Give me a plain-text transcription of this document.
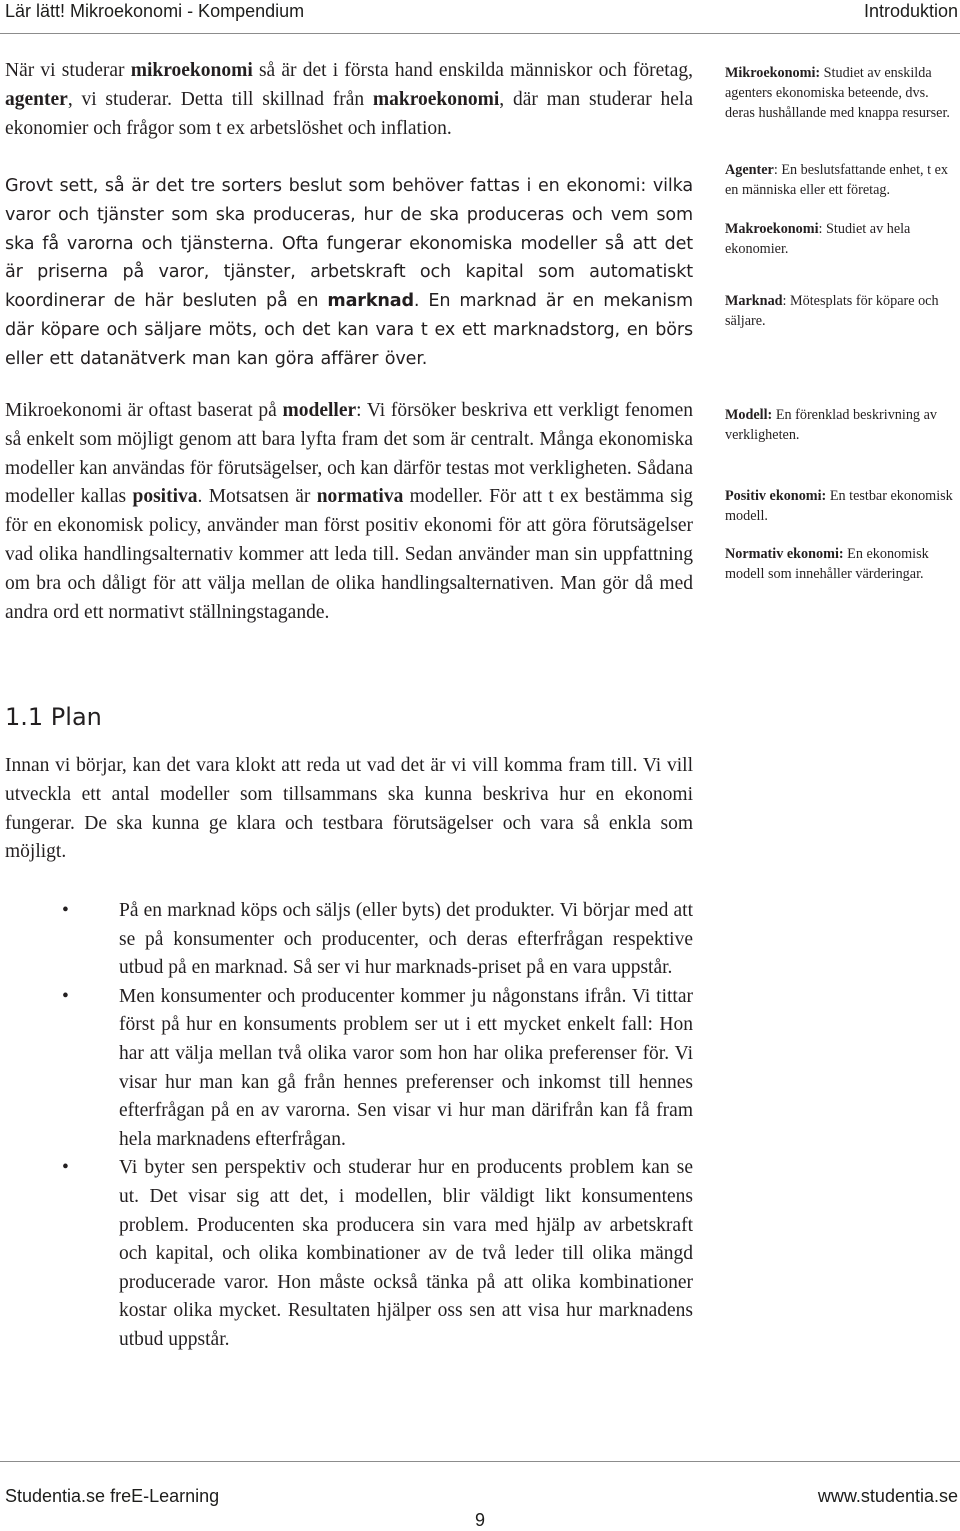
Lär lätt! Mikroekonomi - Kompendium	Introduktion

När vi studerar mikroekonomi så är det i första hand enskilda människor och företag, agenter, vi studerar. Detta till skillnad från makroekonomi, där man studerar hela ekonomier och frågor som t ex arbetslöshet och inflation.

Grovt sett, så är det tre sorters beslut som behöver fattas i en ekonomi: vilka varor och tjänster som ska produceras, hur de ska produceras och vem som ska få varorna och tjänsterna. Ofta fungerar ekonomiska modeller så att det är priserna på varor, tjänster, arbetskraft och kapital som automatiskt koordinerar de här besluten på en marknad. En marknad är en mekanism där köpare och säljare möts, och det kan vara t ex ett marknadstorg, en börs eller ett datanätverk man kan göra affärer över.

Mikroekonomi är oftast baserat på modeller: Vi försöker beskriva ett verkligt fenomen så enkelt som möjligt genom att bara lyfta fram det som är centralt. Många ekonomiska modeller kan användas för förutsägelser, och kan därför testas mot verkligheten. Sådana modeller kallas positiva. Motsatsen är normativa modeller. För att t ex bestämma sig för en ekonomisk policy, använder man först positiv ekonomi för att göra förutsägelser vad olika handlingsalternativ kommer att leda till. Sedan använder man sin uppfattning om bra och dåligt för att välja mellan de olika handlingsalternativen. Man gör då med andra ord ett normativt ställningstagande.

Mikroekonomi: Studiet av enskilda agenters ekonomiska beteende, dvs. deras hushållande med knappa resurser.

Agenter: En beslutsfattande enhet, t ex en människa eller ett företag.

Makroekonomi: Studiet av hela ekonomier.

Marknad: Mötesplats för köpare och säljare.

Modell: En förenklad beskrivning av verkligheten.

Positiv ekonomi: En testbar ekonomisk modell.

Normativ ekonomi: En ekonomisk modell som innehåller värderingar.

1.1 Plan

Innan vi börjar, kan det vara klokt att reda ut vad det är vi vill komma fram till. Vi vill utveckla ett antal modeller som tillsammans ska kunna beskriva hur en ekonomi fungerar. De ska kunna ge klara och testbara förutsägelser och vara så enkla som möjligt.

•	På en marknad köps och säljs (eller byts) det produkter. Vi börjar med att se på konsumenter och producenter, och deras efterfrågan respektive utbud på en marknad. Så ser vi hur marknads-priset på en vara uppstår.
•	Men konsumenter och producenter kommer ju någonstans ifrån. Vi tittar först på hur en konsuments problem ser ut i ett mycket enkelt fall: Hon har att välja mellan två olika varor som hon har olika preferenser för. Vi visar hur man kan gå från hennes preferenser och inkomst till hennes efterfrågan på en av varorna. Sen visar vi hur man därifrån kan få fram hela marknadens efterfrågan.
•	Vi byter sen perspektiv och studerar hur en producents problem kan se ut. Det visar sig att det, i modellen, blir väldigt likt konsumentens problem. Producenten ska producera sin vara med hjälp av arbetskraft och kapital, och olika kombinationer av de två leder till olika mängd producerade varor. Hon måste också tänka på att olika kombinationer kostar olika mycket. Resultaten hjälper oss sen att visa hur marknadens utbud uppstår.
Studentia.se freE-Learning	www.studentia.se
9
